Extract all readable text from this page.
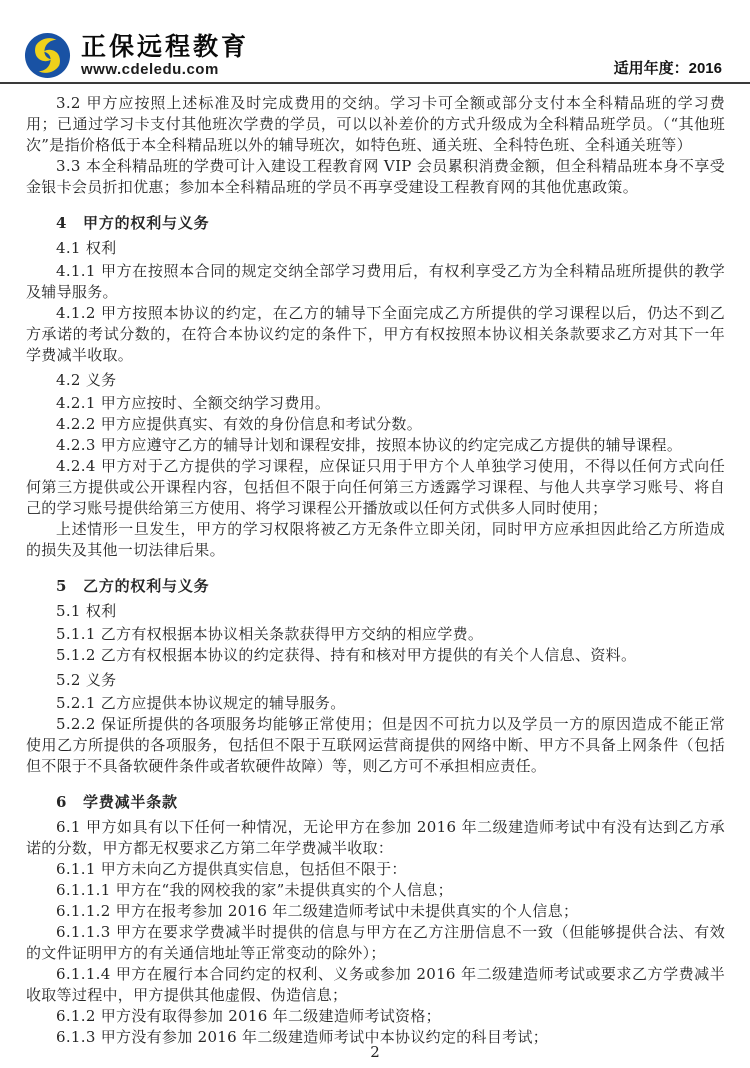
正保远程教育
www.cdeledu.com	适用年度：2016

3.2 甲方应按照上述标准及时完成费用的交纳。学习卡可全额或部分支付本全科精品班的学习费用；已通过学习卡支付其他班次学费的学员，可以以补差价的方式升级成为全科精品班学员。（“其他班次”是指价格低于本全科精品班以外的辅导班次，如特色班、通关班、全科特色班、全科通关班等）

3.3 本全科精品班的学费可计入建设工程教育网 VIP 会员累积消费金额，但全科精品班本身不享受金银卡会员折扣优惠；参加本全科精品班的学员不再享受建设工程教育网的其他优惠政策。

4　甲方的权利与义务

4.1 权利

4.1.1 甲方在按照本合同的规定交纳全部学习费用后，有权利享受乙方为全科精品班所提供的教学及辅导服务。

4.1.2 甲方按照本协议的约定，在乙方的辅导下全面完成乙方所提供的学习课程以后，仍达不到乙方承诺的考试分数的，在符合本协议约定的条件下，甲方有权按照本协议相关条款要求乙方对其下一年学费减半收取。

4.2 义务

4.2.1 甲方应按时、全额交纳学习费用。

4.2.2 甲方应提供真实、有效的身份信息和考试分数。

4.2.3 甲方应遵守乙方的辅导计划和课程安排，按照本协议的约定完成乙方提供的辅导课程。

4.2.4 甲方对于乙方提供的学习课程，应保证只用于甲方个人单独学习使用，不得以任何方式向任何第三方提供或公开课程内容，包括但不限于向任何第三方透露学习课程、与他人共享学习账号、将自己的学习账号提供给第三方使用、将学习课程公开播放或以任何方式供多人同时使用；

上述情形一旦发生，甲方的学习权限将被乙方无条件立即关闭，同时甲方应承担因此给乙方所造成的损失及其他一切法律后果。

5　乙方的权利与义务

5.1 权利

5.1.1 乙方有权根据本协议相关条款获得甲方交纳的相应学费。

5.1.2 乙方有权根据本协议的约定获得、持有和核对甲方提供的有关个人信息、资料。

5.2 义务

5.2.1 乙方应提供本协议规定的辅导服务。

5.2.2 保证所提供的各项服务均能够正常使用；但是因不可抗力以及学员一方的原因造成不能正常使用乙方所提供的各项服务，包括但不限于互联网运营商提供的网络中断、甲方不具备上网条件（包括但不限于不具备软硬件条件或者软硬件故障）等，则乙方可不承担相应责任。

6　学费减半条款

6.1 甲方如具有以下任何一种情况，无论甲方在参加 2016 年二级建造师考试中有没有达到乙方承诺的分数，甲方都无权要求乙方第二年学费减半收取：

6.1.1 甲方未向乙方提供真实信息，包括但不限于：

6.1.1.1 甲方在“我的网校我的家”未提供真实的个人信息；

6.1.1.2 甲方在报考参加 2016 年二级建造师考试中未提供真实的个人信息；

6.1.1.3 甲方在要求学费减半时提供的信息与甲方在乙方注册信息不一致（但能够提供合法、有效的文件证明甲方的有关通信地址等正常变动的除外）；

6.1.1.4 甲方在履行本合同约定的权利、义务或参加 2016 年二级建造师考试或要求乙方学费减半收取等过程中，甲方提供其他虚假、伪造信息；

6.1.2 甲方没有取得参加 2016 年二级建造师考试资格；

6.1.3 甲方没有参加 2016 年二级建造师考试中本协议约定的科目考试；

2
